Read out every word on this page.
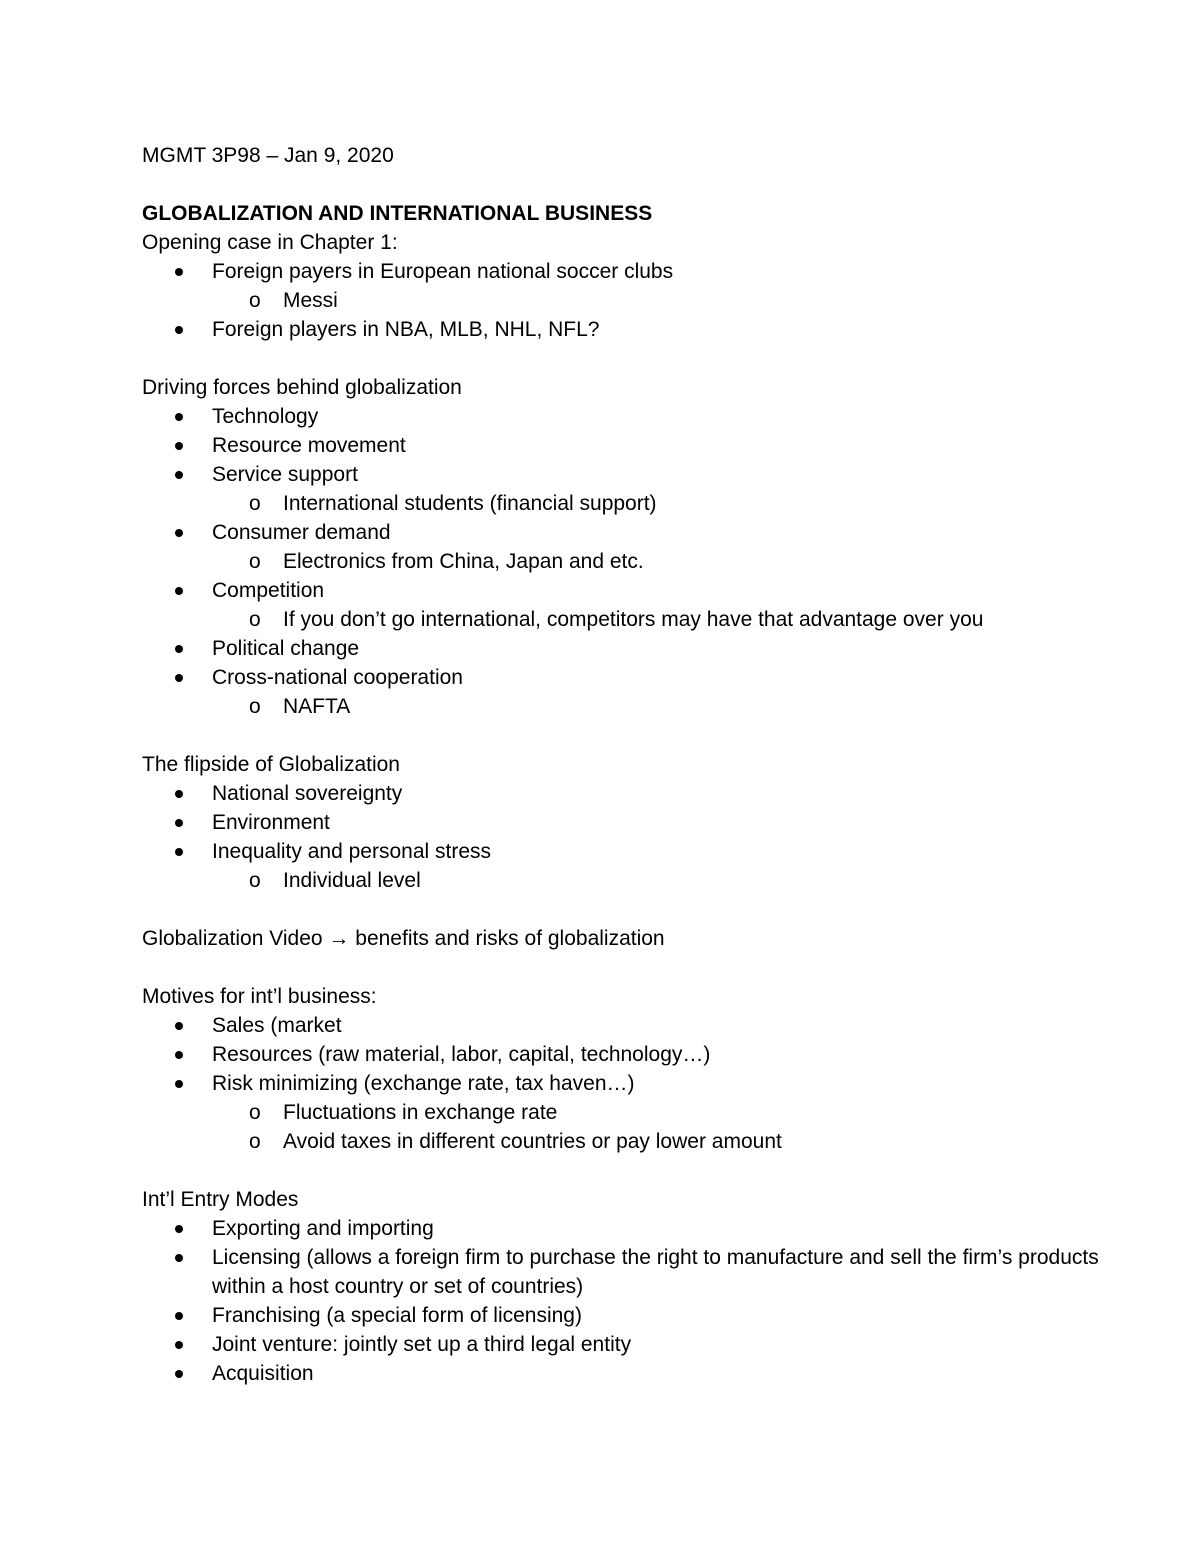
MGMT 3P98 – Jan 9, 2020
GLOBALIZATION AND INTERNATIONAL BUSINESS
Opening case in Chapter 1:
Foreign payers in European national soccer clubs
o	Messi
Foreign players in NBA, MLB, NHL, NFL?
Driving forces behind globalization
Technology
Resource movement
Service support
o	International students (financial support)
Consumer demand
o	Electronics from China, Japan and etc.
Competition
o	If you don’t go international, competitors may have that advantage over you
Political change
Cross-national cooperation
o	NAFTA
The flipside of Globalization
National sovereignty
Environment
Inequality and personal stress
o	Individual level
Globalization Video → benefits and risks of globalization
Motives for int’l business:
Sales (market
Resources (raw material, labor, capital, technology…)
Risk minimizing (exchange rate, tax haven…)
o	Fluctuations in exchange rate
o	Avoid taxes in different countries or pay lower amount
Int’l Entry Modes
Exporting and importing
Licensing (allows a foreign firm to purchase the right to manufacture and sell the firm’s products within a host country or set of countries)
Franchising (a special form of licensing)
Joint venture: jointly set up a third legal entity
Acquisition
